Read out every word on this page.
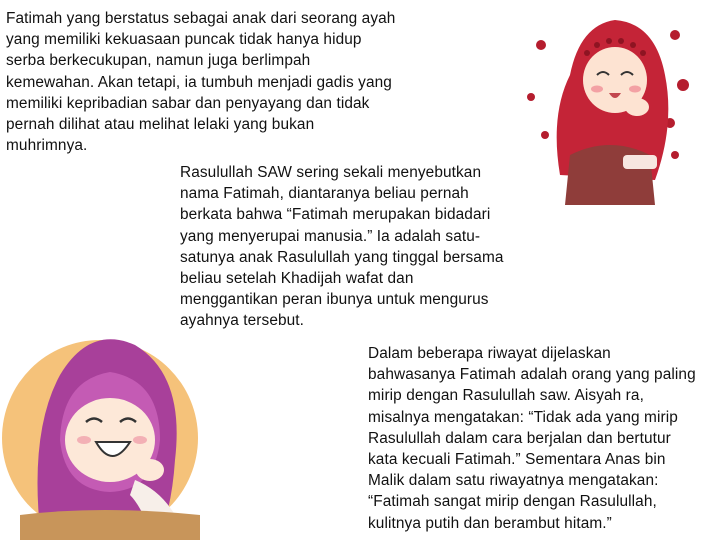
Fatimah yang berstatus sebagai anak dari seorang ayah
yang memiliki kekuasaan puncak tidak hanya hidup
serba berkecukupan, namun juga berlimpah
kemewahan. Akan tetapi, ia tumbuh menjadi gadis yang
memiliki kepribadian sabar dan penyayang dan tidak
pernah dilihat atau melihat lelaki yang bukan
muhrimnya.

Rasulullah SAW sering sekali menyebutkan
nama Fatimah, diantaranya beliau pernah
berkata bahwa “Fatimah merupakan bidadari
yang menyerupai manusia.” Ia adalah satu-
satunya anak Rasulullah yang tinggal bersama
beliau setelah Khadijah wafat dan
menggantikan peran ibunya untuk mengurus
ayahnya tersebut.

Dalam beberapa riwayat dijelaskan
bahwasanya Fatimah adalah orang yang paling
mirip dengan Rasulullah saw. Aisyah ra,
misalnya mengatakan: “Tidak ada yang mirip
Rasulullah dalam cara berjalan dan bertutur
kata kecuali Fatimah.” Sementara Anas bin
Malik dalam satu riwayatnya mengatakan:
“Fatimah sangat mirip dengan Rasulullah,
kulitnya putih dan berambut hitam.”
